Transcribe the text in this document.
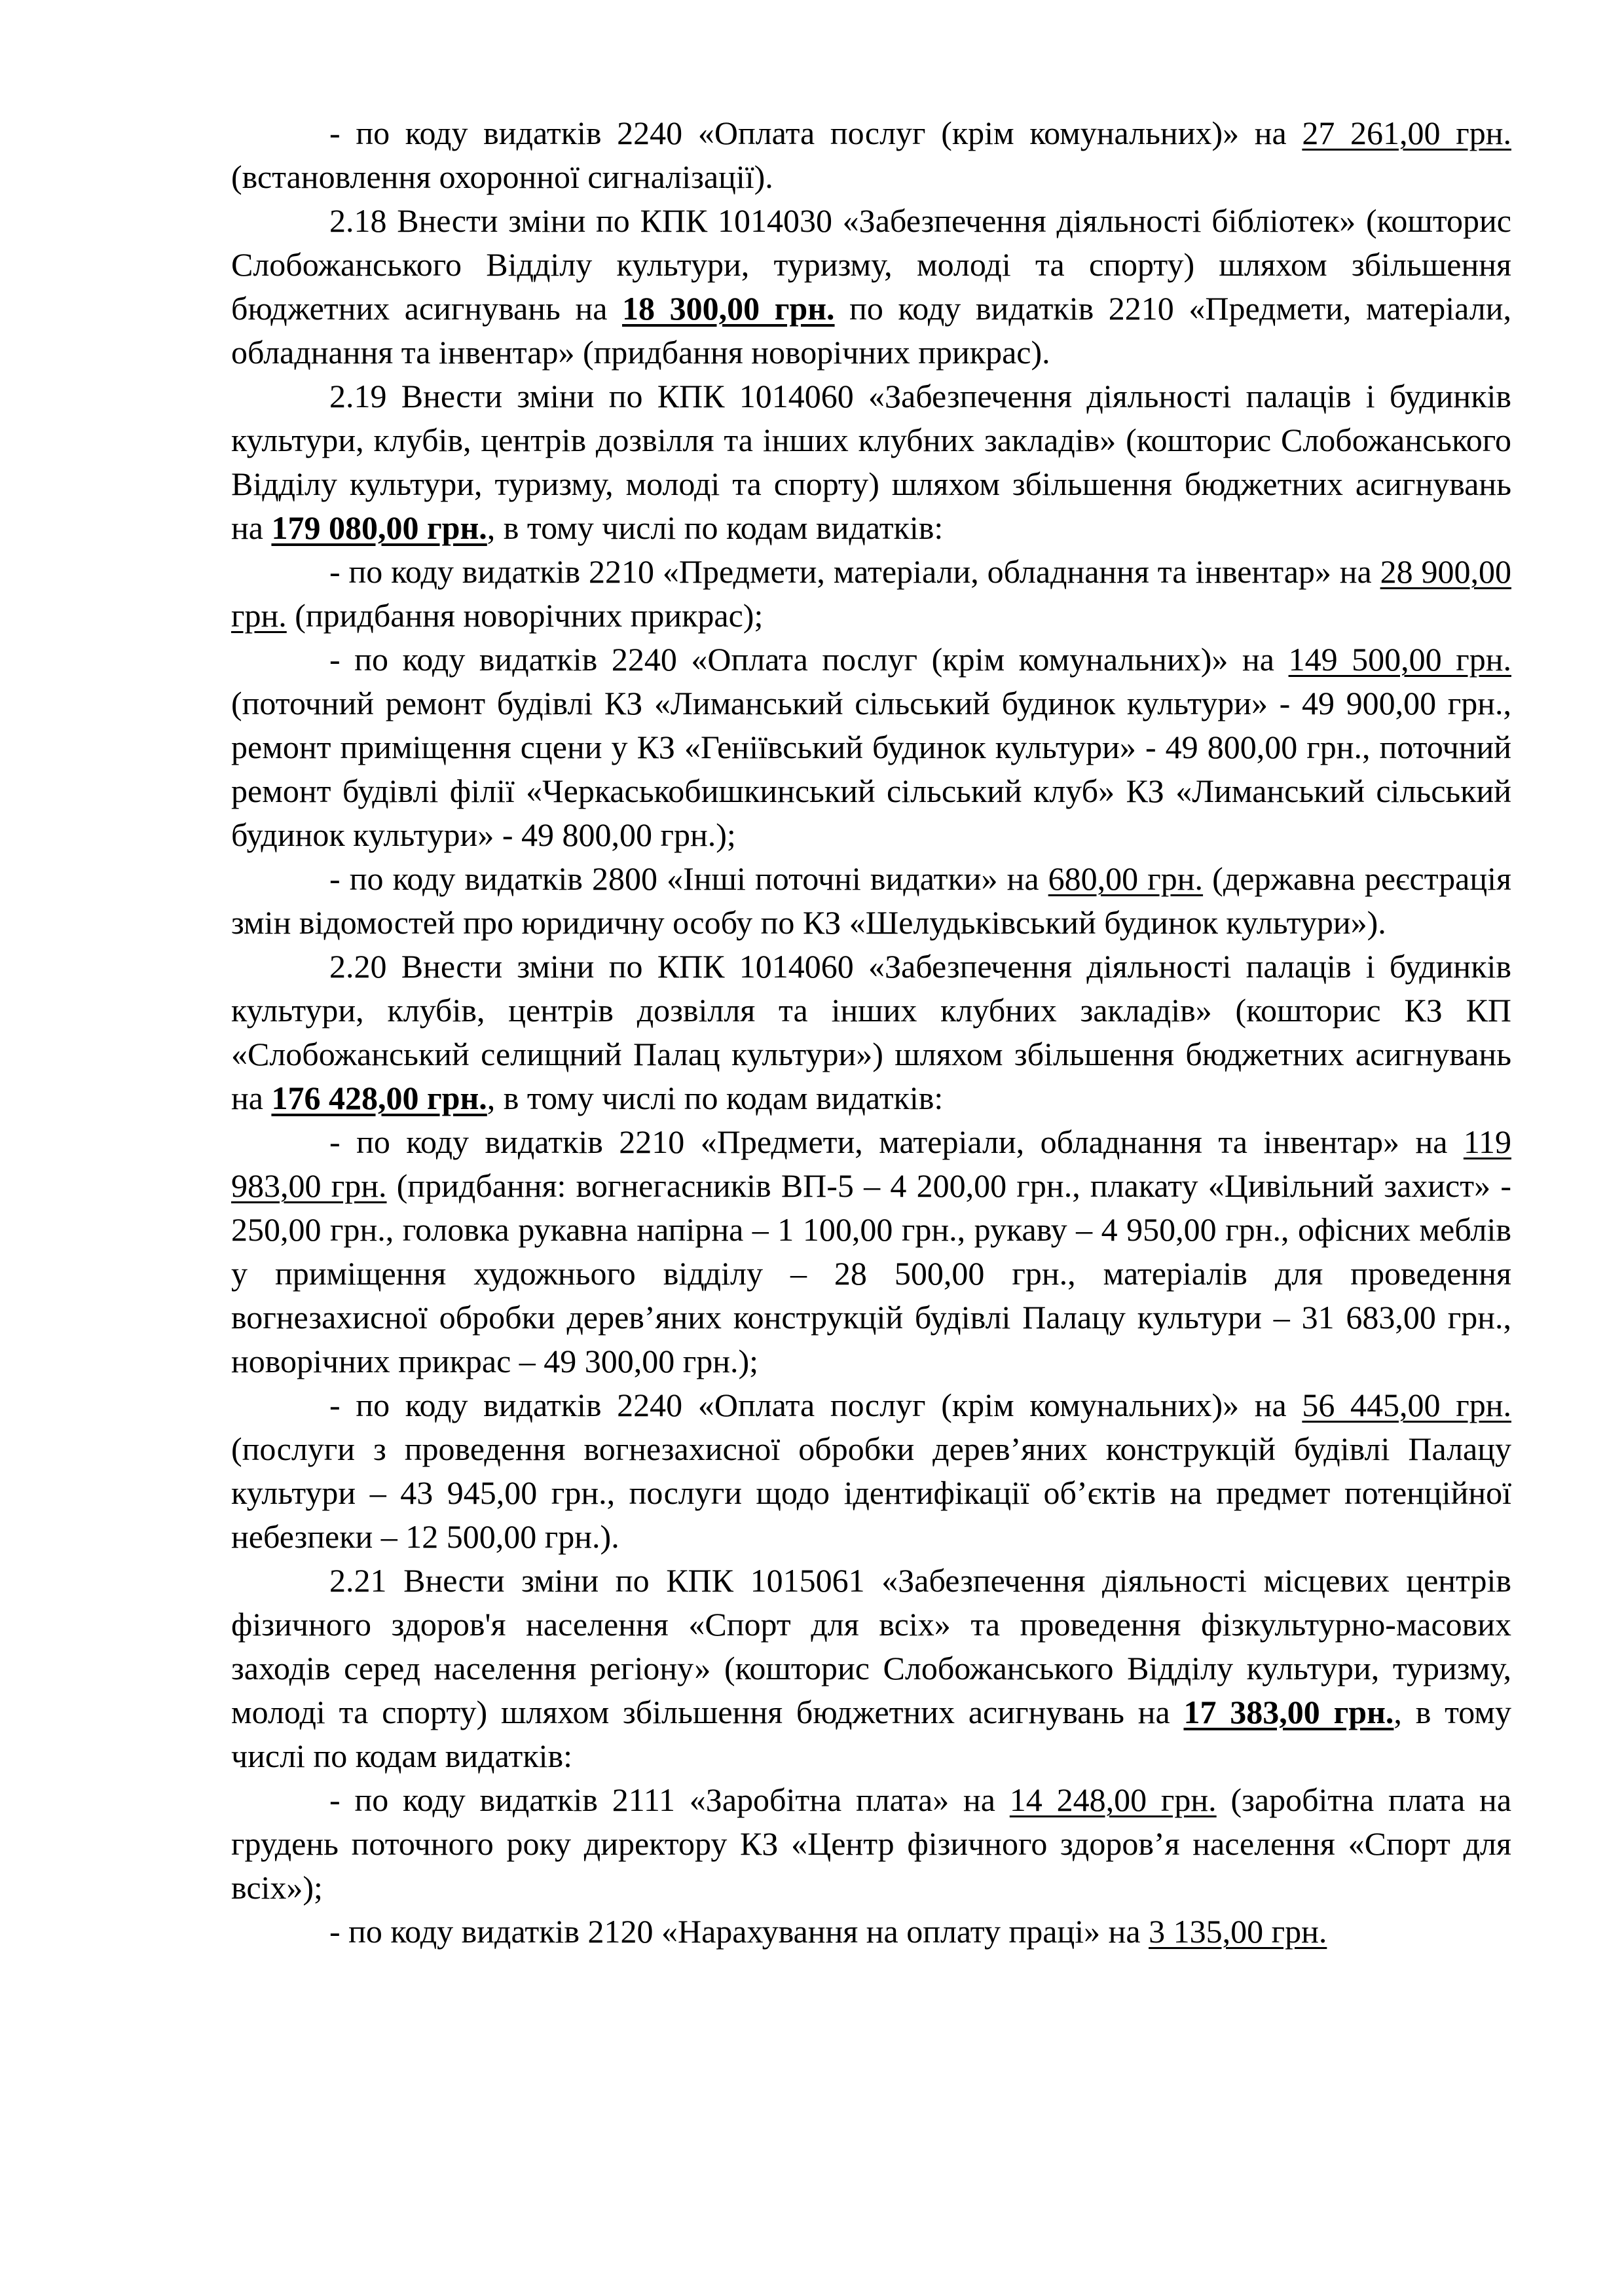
- по коду видатків 2240 «Оплата послуг (крім комунальних)» на 27 261,00 грн. (встановлення охоронної сигналізації).

2.18 Внести зміни по КПК 1014030 «Забезпечення діяльності бібліотек» (кошторис Слобожанського Відділу культури, туризму, молоді та спорту) шляхом збільшення бюджетних асигнувань на 18 300,00 грн. по коду видатків 2210 «Предмети, матеріали, обладнання та інвентар» (придбання новорічних прикрас).

2.19 Внести зміни по КПК 1014060 «Забезпечення діяльності палаців і будинків культури, клубів, центрів дозвілля та інших клубних закладів» (кошторис Слобожанського Відділу культури, туризму, молоді та спорту) шляхом збільшення бюджетних асигнувань на 179 080,00 грн., в тому числі по кодам видатків:

- по коду видатків 2210 «Предмети, матеріали, обладнання та інвентар» на 28 900,00 грн. (придбання новорічних прикрас);

- по коду видатків 2240 «Оплата послуг (крім комунальних)» на 149 500,00 грн. (поточний ремонт будівлі КЗ «Лиманський сільський будинок культури» - 49 900,00 грн., ремонт приміщення сцени у КЗ «Геніївський будинок культури» - 49 800,00 грн., поточний ремонт будівлі філії «Черкаськобишкинський сільський клуб» КЗ «Лиманський сільський будинок культури» - 49 800,00 грн.);

- по коду видатків 2800 «Інші поточні видатки» на 680,00 грн. (державна реєстрація змін відомостей про юридичну особу по КЗ «Шелудьківський будинок культури»).

2.20 Внести зміни по КПК 1014060 «Забезпечення діяльності палаців і будинків культури, клубів, центрів дозвілля та інших клубних закладів» (кошторис КЗ КП «Слобожанський селищний Палац культури») шляхом збільшення бюджетних асигнувань на 176 428,00 грн., в тому числі по кодам видатків:

- по коду видатків 2210 «Предмети, матеріали, обладнання та інвентар» на 119 983,00 грн. (придбання: вогнегасників ВП-5 – 4 200,00 грн., плакату «Цивільний захист» - 250,00 грн., головка рукавна напірна – 1 100,00 грн., рукаву – 4 950,00 грн., офісних меблів у приміщення художнього відділу – 28 500,00 грн., матеріалів для проведення вогнезахисної обробки дерев’яних конструкцій будівлі Палацу культури – 31 683,00 грн., новорічних прикрас – 49 300,00 грн.);

- по коду видатків 2240 «Оплата послуг (крім комунальних)» на 56 445,00 грн. (послуги з проведення вогнезахисної обробки дерев’яних конструкцій будівлі Палацу культури – 43 945,00 грн., послуги щодо ідентифікації об’єктів на предмет потенційної небезпеки – 12 500,00 грн.).

2.21 Внести зміни по КПК 1015061 «Забезпечення діяльності місцевих центрів фізичного здоров'я населення «Спорт для всіх» та проведення фізкультурно-масових заходів серед населення регіону» (кошторис Слобожанського Відділу культури, туризму, молоді та спорту) шляхом збільшення бюджетних асигнувань на 17 383,00 грн., в тому числі по кодам видатків:

- по коду видатків 2111 «Заробітна плата» на 14 248,00 грн. (заробітна плата на грудень поточного року директору КЗ «Центр фізичного здоров’я населення «Спорт для всіх»);

- по коду видатків 2120 «Нарахування на оплату праці» на 3 135,00 грн.
